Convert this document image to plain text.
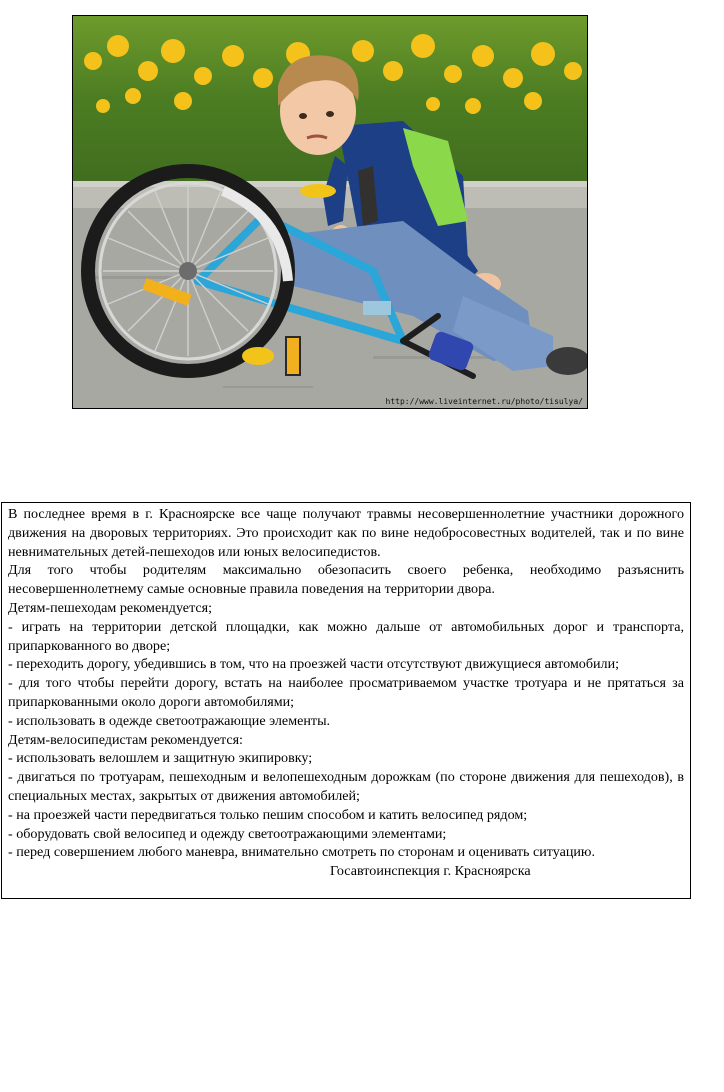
http://www.liveinternet.ru/photo/tisulya/

В последнее время в г. Красноярске все чаще получают травмы несовершеннолетние участники дорожного движения на дворовых территориях. Это происходит как по вине недобросовестных водителей, так и по вине невнимательных детей-пешеходов или юных велосипедистов.

Для того чтобы родителям максимально обезопасить своего ребенка, необходимо разъяснить несовершеннолетнему самые основные правила поведения на территории двора.

Детям-пешеходам рекомендуется;

- играть на территории детской площадки, как можно дальше от автомобильных дорог и транспорта, припаркованного во дворе;

- переходить дорогу, убедившись в том, что на проезжей части отсутствуют движущиеся автомобили;

- для того чтобы перейти дорогу, встать на наиболее просматриваемом участке тротуара и не прятаться за припаркованными около дороги автомобилями;

- использовать в одежде светоотражающие элементы.

Детям-велосипедистам рекомендуется:

- использовать велошлем и защитную экипировку;

- двигаться по тротуарам, пешеходным и велопешеходным дорожкам (по стороне движения для пешеходов), в специальных местах, закрытых от движения автомобилей;

- на проезжей части передвигаться только пешим способом и катить велосипед рядом;

- оборудовать свой велосипед и одежду светоотражающими элементами;

- перед совершением любого маневра, внимательно смотреть по сторонам и оценивать ситуацию.

Госавтоинспекция г. Красноярска
